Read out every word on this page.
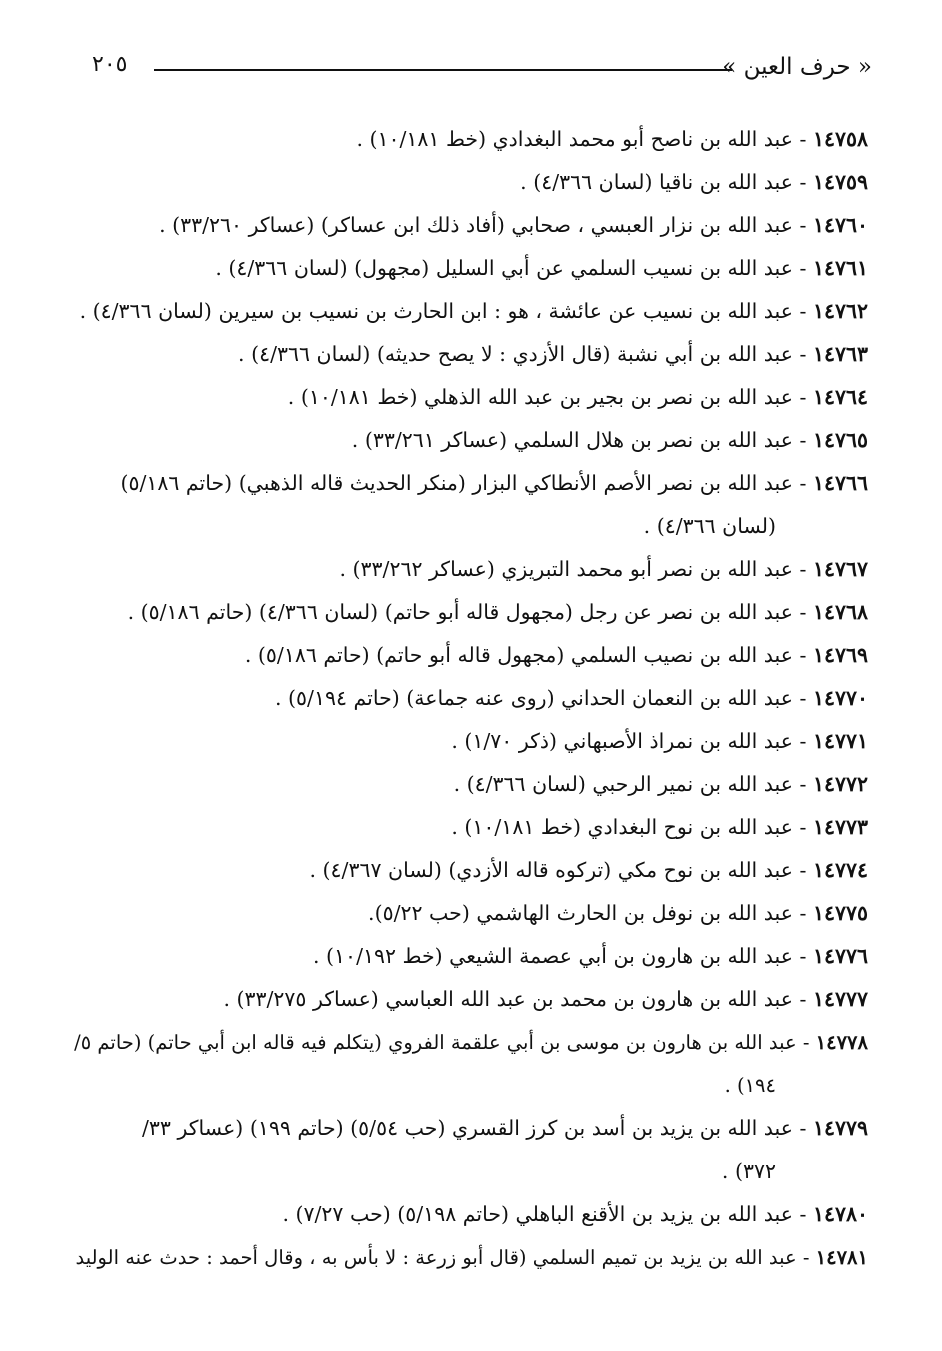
« حرف العين »
٢٠٥
١٤٧٥٨ - عبد الله بن ناصح أبو محمد البغدادي (خط ١٠/١٨١) .
١٤٧٥٩ - عبد الله بن ناقيا (لسان ٤/٣٦٦) .
١٤٧٦٠ - عبد الله بن نزار العبسي ، صحابي (أفاد ذلك ابن عساكر) (عساكر ٣٣/٢٦٠) .
١٤٧٦١ - عبد الله بن نسيب السلمي عن أبي السليل (مجهول) (لسان ٤/٣٦٦) .
١٤٧٦٢ - عبد الله بن نسيب عن عائشة ، هو : ابن الحارث بن نسيب بن سيرين (لسان ٤/٣٦٦) .
١٤٧٦٣ - عبد الله بن أبي نشبة (قال الأزدي : لا يصح حديثه) (لسان ٤/٣٦٦) .
١٤٧٦٤ - عبد الله بن نصر بن بجير بن عبد الله الذهلي (خط ١٠/١٨١) .
١٤٧٦٥ - عبد الله بن نصر بن هلال السلمي (عساكر ٣٣/٢٦١) .
١٤٧٦٦ - عبد الله بن نصر الأصم الأنطاكي البزار (منكر الحديث قاله الذهبي) (حاتم ٥/١٨٦)
(لسان ٤/٣٦٦) .
١٤٧٦٧ - عبد الله بن نصر أبو محمد التبريزي (عساكر ٣٣/٢٦٢) .
١٤٧٦٨ - عبد الله بن نصر عن رجل (مجهول قاله أبو حاتم) (لسان ٤/٣٦٦) (حاتم ٥/١٨٦) .
١٤٧٦٩ - عبد الله بن نصيب السلمي (مجهول قاله أبو حاتم) (حاتم ٥/١٨٦) .
١٤٧٧٠ - عبد الله بن النعمان الحداني (روى عنه جماعة) (حاتم ٥/١٩٤) .
١٤٧٧١ - عبد الله بن نمراذ الأصبهاني (ذكر ١/٧٠) .
١٤٧٧٢ - عبد الله بن نمير الرحبي (لسان ٤/٣٦٦) .
١٤٧٧٣ - عبد الله بن نوح البغدادي (خط ١٠/١٨١) .
١٤٧٧٤ - عبد الله بن نوح مكي (تركوه قاله الأزدي) (لسان ٤/٣٦٧) .
١٤٧٧٥ - عبد الله بن نوفل بن الحارث الهاشمي (حب ٥/٢٢).
١٤٧٧٦ - عبد الله بن هارون بن أبي عصمة الشيعي (خط ١٠/١٩٢) .
١٤٧٧٧ - عبد الله بن هارون بن محمد بن عبد الله العباسي (عساكر ٣٣/٢٧٥) .
١٤٧٧٨ - عبد الله بن هارون بن موسى بن أبي علقمة الفروي (يتكلم فيه قاله ابن أبي حاتم) (حاتم ٥/
١٩٤) .
١٤٧٧٩ - عبد الله بن يزيد بن أسد بن كرز القسري (حب ٥/٥٤) (حاتم ١٩٩) (عساكر ٣٣/
٣٧٢) .
١٤٧٨٠ - عبد الله بن يزيد بن الأقنع الباهلي (حاتم ٥/١٩٨) (حب ٧/٢٧) .
١٤٧٨١ - عبد الله بن يزيد بن تميم السلمي (قال أبو زرعة : لا بأس به ، وقال أحمد : حدث عنه الوليد
